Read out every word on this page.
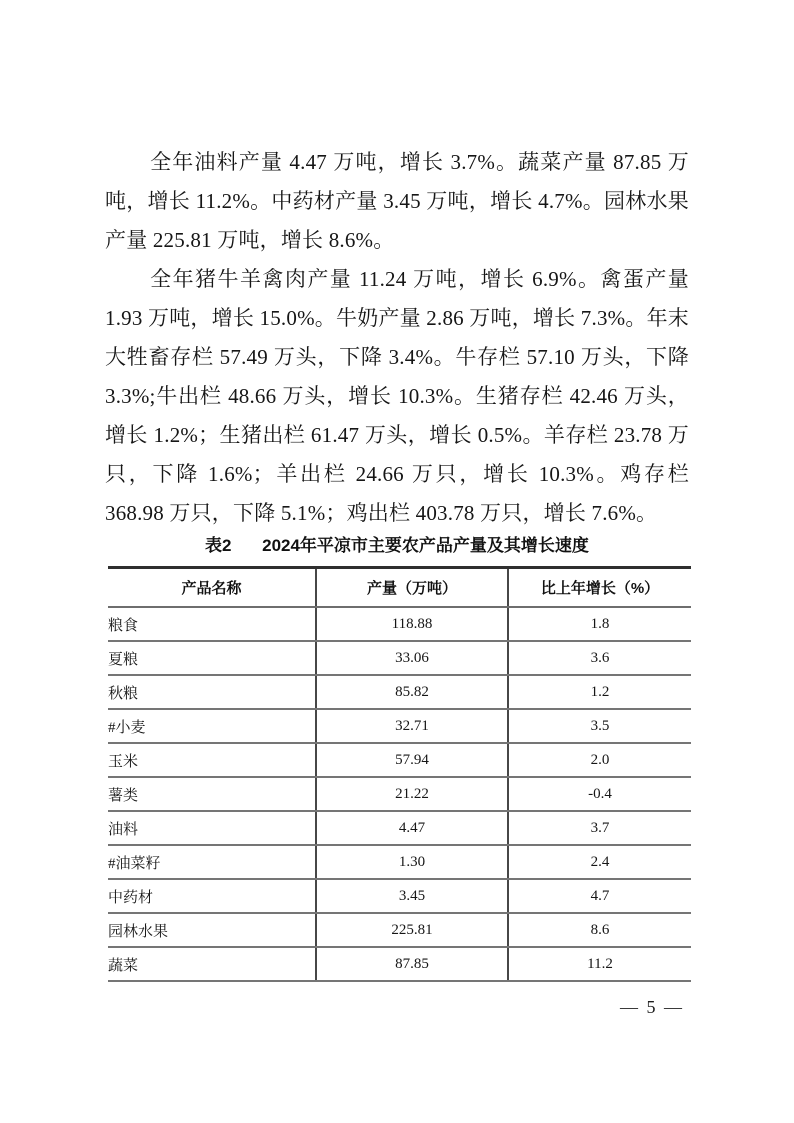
全年油料产量 4.47 万吨，增长 3.7%。蔬菜产量 87.85 万吨，增长 11.2%。中药材产量 3.45 万吨，增长 4.7%。园林水果产量 225.81 万吨，增长 8.6%。

全年猪牛羊禽肉产量 11.24 万吨，增长 6.9%。禽蛋产量 1.93 万吨，增长 15.0%。牛奶产量 2.86 万吨，增长 7.3%。年末大牲畜存栏 57.49 万头，下降 3.4%。牛存栏 57.10 万头，下降 3.3%;牛出栏 48.66 万头，增长 10.3%。生猪存栏 42.46 万头，增长 1.2%；生猪出栏 61.47 万头，增长 0.5%。羊存栏 23.78 万只，下降 1.6%；羊出栏 24.66 万只，增长 10.3%。鸡存栏 368.98 万只，下降 5.1%；鸡出栏 403.78 万只，增长 7.6%。

表2 2024年平凉市主要农产品产量及其增长速度
产品名称	产量（万吨）	比上年增长（%）
粮食	118.88	1.8
夏粮	33.06	3.6
秋粮	85.82	1.2
#小麦	32.71	3.5
玉米	57.94	2.0
薯类	21.22	-0.4
油料	4.47	3.7
#油菜籽	1.30	2.4
中药材	3.45	4.7
园林水果	225.81	8.6
蔬菜	87.85	11.2
— 5 —
